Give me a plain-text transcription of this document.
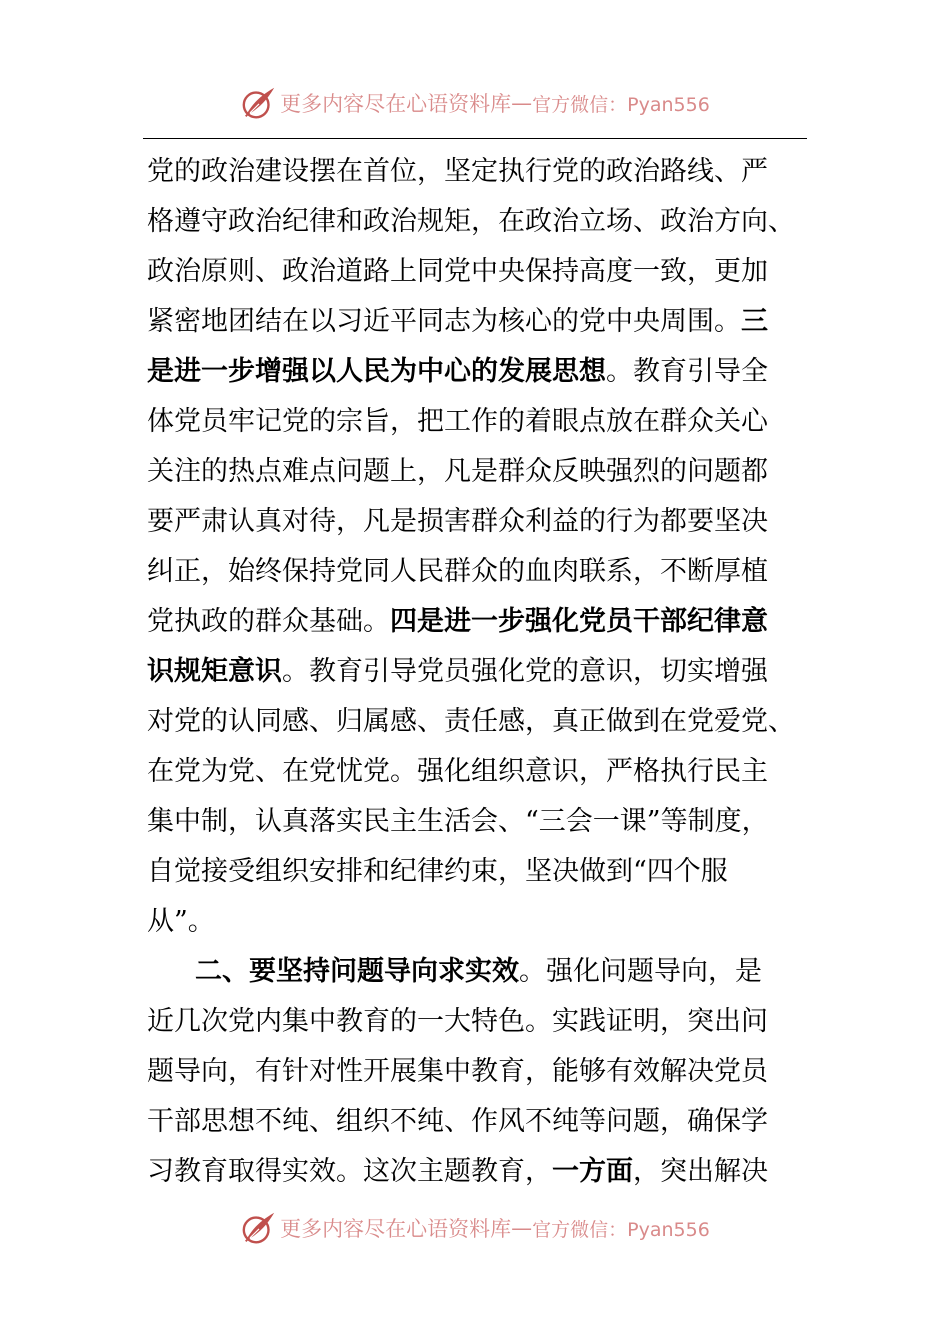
更多内容尽在心语资料库 — 官方微信：Pyan556
党的政治建设摆在首位，坚定执行党的政治路线、严
格遵守政治纪律和政治规矩，在政治立场、政治方向、
政治原则、政治道路上同党中央保持高度一致，更加
紧密地团结在以习近平同志为核心的党中央周围。三
是进一步增强以人民为中心的发展思想。教育引导全
体党员牢记党的宗旨，把工作的着眼点放在群众关心
关注的热点难点问题上，凡是群众反映强烈的问题都
要严肃认真对待，凡是损害群众利益的行为都要坚决
纠正，始终保持党同人民群众的血肉联系，不断厚植
党执政的群众基础。四是进一步强化党员干部纪律意
识规矩意识。教育引导党员强化党的意识，切实增强
对党的认同感、归属感、责任感，真正做到在党爱党、
在党为党、在党忧党。强化组织意识，严格执行民主
集中制，认真落实民主生活会、“三会一课”等制度，
自觉接受组织安排和纪律约束，坚决做到“四个服
从”。
二、要坚持问题导向求实效。强化问题导向，是
近几次党内集中教育的一大特色。实践证明，突出问
题导向，有针对性开展集中教育，能够有效解决党员
干部思想不纯、组织不纯、作风不纯等问题，确保学
习教育取得实效。这次主题教育，一方面，突出解决
更多内容尽在心语资料库 — 官方微信：Pyan556
